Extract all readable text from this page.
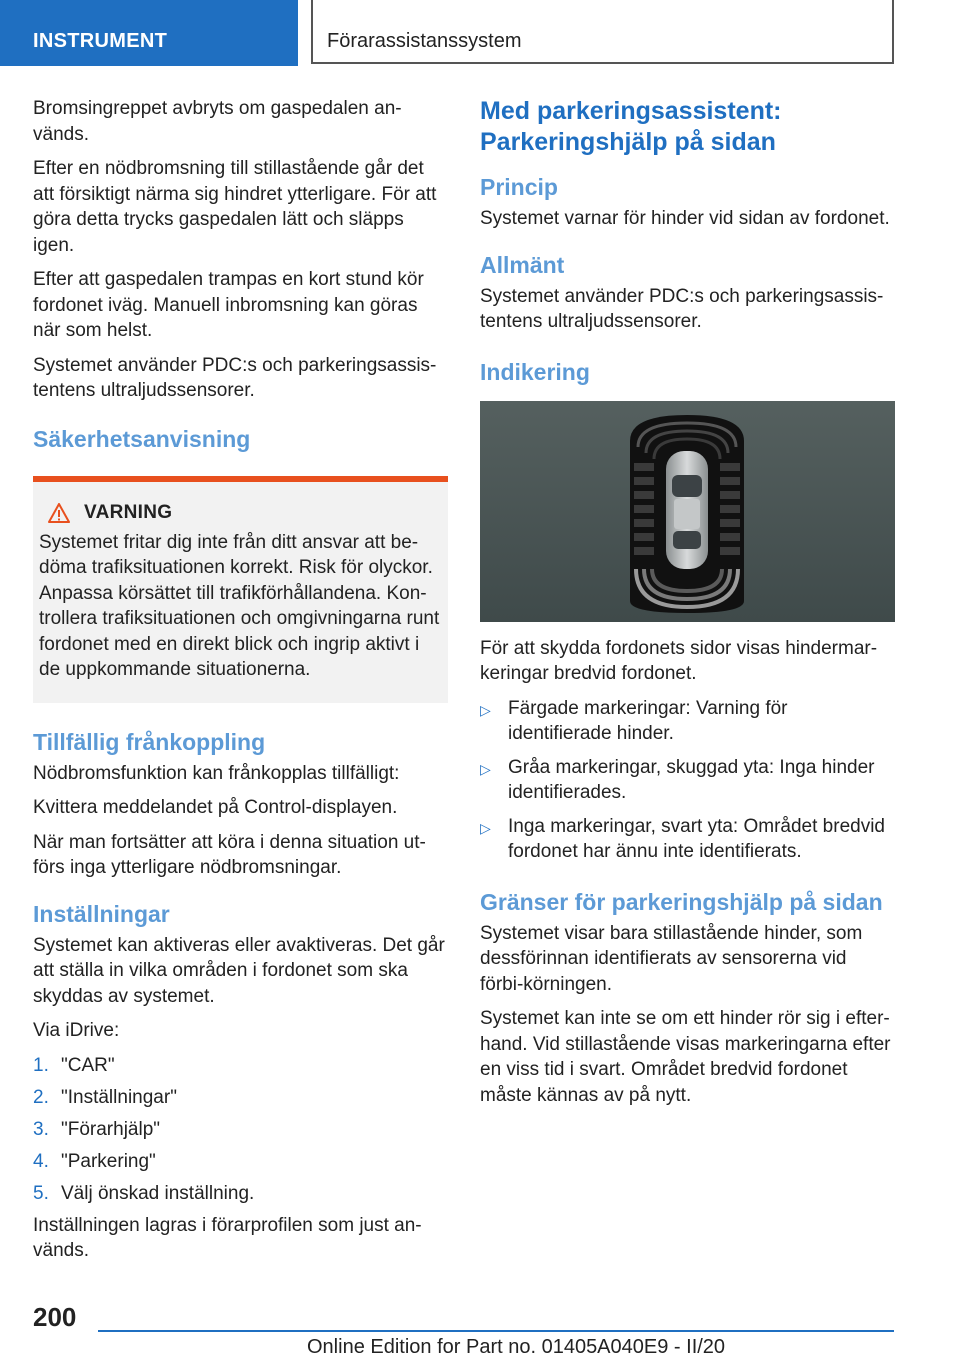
INSTRUMENT	Förarassistanssystem

Bromsingreppet avbryts om gaspedalen an-vänds.

Efter en nödbromsning till stillastående går det att försiktigt närma sig hindret ytterligare. För att göra detta trycks gaspedalen lätt och släpps igen.

Efter att gaspedalen trampas en kort stund kör fordonet iväg. Manuell inbromsning kan göras när som helst.

Systemet använder PDC:s och parkeringsassis-tentens ultraljudssensorer.

Säkerhetsanvisning
VARNING

Systemet fritar dig inte från ditt ansvar att be-döma trafiksituationen korrekt. Risk för olyckor. Anpassa körsättet till trafikförhållandena. Kon-trollera trafiksituationen och omgivningarna runt fordonet med en direkt blick och ingrip aktivt i de uppkommande situationerna.

Tillfällig frånkoppling

Nödbromsfunktion kan frånkopplas tillfälligt:

Kvittera meddelandet på Control-displayen.

När man fortsätter att köra i denna situation ut-förs inga ytterligare nödbromsningar.

Inställningar

Systemet kan aktiveras eller avaktiveras. Det går att ställa in vilka områden i fordonet som ska skyddas av systemet.

Via iDrive:

1. "CAR"
2. "Inställningar"
3. "Förarhjälp"
4. "Parkering"
5. Välj önskad inställning.

Inställningen lagras i förarprofilen som just an-vänds.

Med parkeringsassistent: Parkeringshjälp på sidan
Princip

Systemet varnar för hinder vid sidan av fordonet.

Allmänt

Systemet använder PDC:s och parkeringsassis-tentens ultraljudssensorer.

Indikering

För att skydda fordonets sidor visas hindermar-keringar bredvid fordonet.

▷ Färgade markeringar: Varning för identifierade hinder.
▷ Gråa markeringar, skuggad yta: Inga hinder identifierades.
▷ Inga markeringar, svart yta: Området bredvid fordonet har ännu inte identifierats.
Gränser för parkeringshjälp på sidan

Systemet visar bara stillastående hinder, som dessförinnan identifierats av sensorerna vid förbi-körningen.

Systemet kan inte se om ett hinder rör sig i efter-hand. Vid stillastående visas markeringarna efter en viss tid i svart. Området bredvid fordonet måste kännas av på nytt.

200
Online Edition for Part no. 01405A040E9 - II/20
